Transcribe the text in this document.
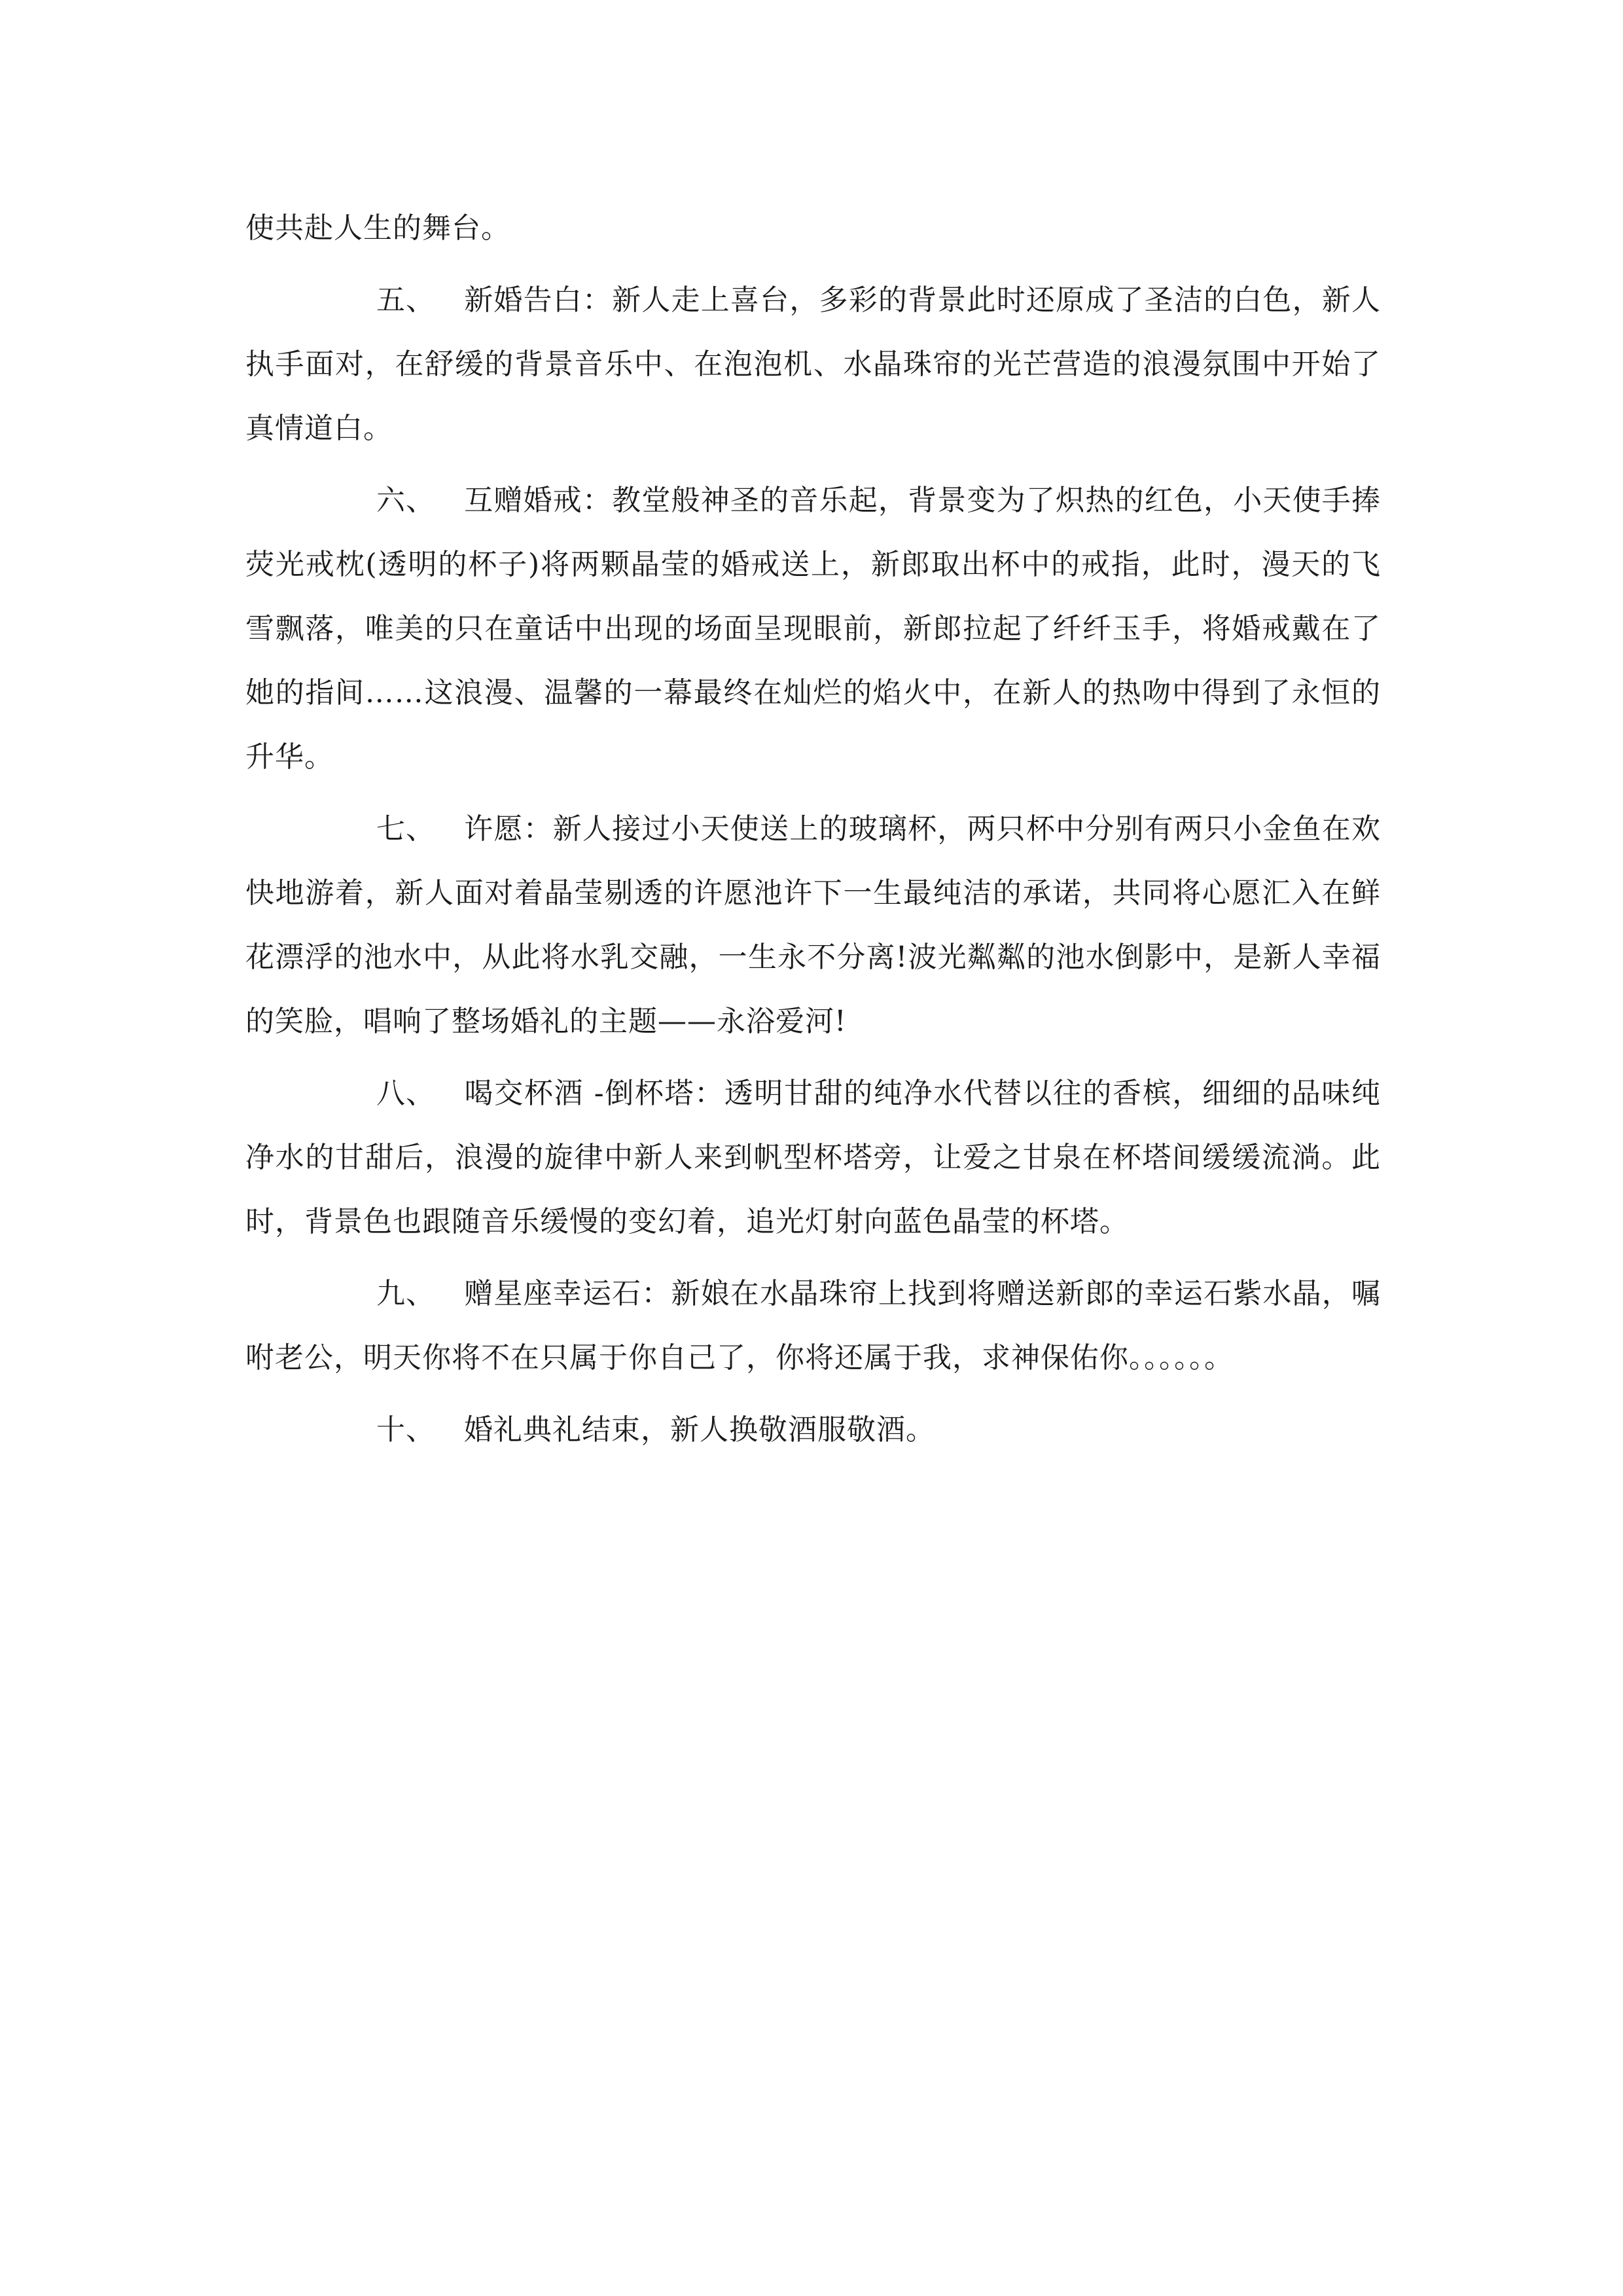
使共赴人生的舞台。

五、 新婚告白：新人走上喜台，多彩的背景此时还原成了圣洁的白色，新人执手面对，在舒缓的背景音乐中、在泡泡机、水晶珠帘的光芒营造的浪漫氛围中开始了真情道白。

六、 互赠婚戒：教堂般神圣的音乐起，背景变为了炽热的红色，小天使手捧荧光戒枕(透明的杯子)将两颗晶莹的婚戒送上，新郎取出杯中的戒指，此时，漫天的飞雪飘落，唯美的只在童话中出现的场面呈现眼前，新郎拉起了纤纤玉手，将婚戒戴在了她的指间……这浪漫、温馨的一幕最终在灿烂的焰火中，在新人的热吻中得到了永恒的升华。

七、 许愿：新人接过小天使送上的玻璃杯，两只杯中分别有两只小金鱼在欢快地游着，新人面对着晶莹剔透的许愿池许下一生最纯洁的承诺，共同将心愿汇入在鲜花漂浮的池水中，从此将水乳交融，一生永不分离!波光粼粼的池水倒影中，是新人幸福的笑脸，唱响了整场婚礼的主题——永浴爱河!

八、 喝交杯酒 -倒杯塔：透明甘甜的纯净水代替以往的香槟，细细的品味纯净水的甘甜后，浪漫的旋律中新人来到帆型杯塔旁，让爱之甘泉在杯塔间缓缓流淌。此时，背景色也跟随音乐缓慢的变幻着，追光灯射向蓝色晶莹的杯塔。

九、 赠星座幸运石：新娘在水晶珠帘上找到将赠送新郎的幸运石紫水晶，嘱咐老公，明天你将不在只属于你自己了，你将还属于我，求神保佑你。。。。。。

十、 婚礼典礼结束，新人换敬酒服敬酒。
